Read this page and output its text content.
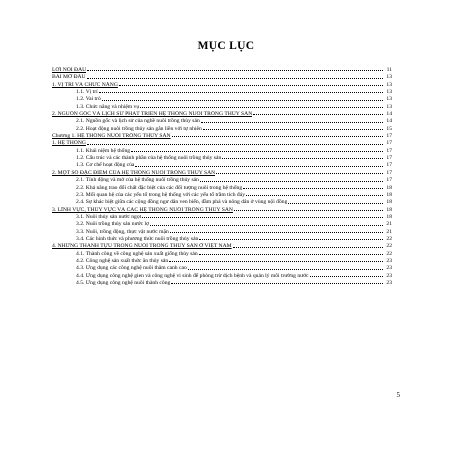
MỤC LỤC
LỜI NÓI ĐẦU	11
BÀI MỞ ĐẦU	13
1. VỊ TRÍ VÀ CHỨC NĂNG	13
1.1. Vị trí	13
1.2. Vai trò	13
1.3. Chức năng và nhiệm vụ	13
2. NGUỒN GỐC VÀ LỊCH SỬ PHÁT TRIỂN HỆ THỐNG NUÔI TRỒNG THỦY SẢN	14
2.1. Nguồn gốc và lịch sử của nghề nuôi trồng thủy sản	14
2.2. Hoạt động nuôi trồng thủy sản gắn liền với tự nhiên	15
Chương 1. HỆ THỐNG NUÔI TRỒNG THỦY SẢN	17
1. HỆ THỐNG	17
1.1. Khái niệm hệ thống	17
1.2. Cấu trúc và các thành phần của hệ thống nuôi trồng thủy sản	17
1.3. Cơ chế hoạt động của	17
2. MỘT SỐ ĐẶC ĐIỂM CỦA HỆ THỐNG NUÔI TRỒNG THỦY SẢN	17
2.1. Tính động và mở của hệ thống nuôi trồng thủy sản	17
2.2. Khả năng trao đổi chất đặc biệt của các đối tượng nuôi trong hệ thống	18
2.3. Mối quan hệ của các yếu tố trong hệ thống với các yếu tố trầm tích đáy	18
2.4. Sự khác biệt giữa các cộng đồng ngư dân ven biển, đầm phá và nông dân ở vùng nội đồng	18
3. LĨNH VỰC, THỦY VỰC VÀ CÁC HỆ THỐNG NUÔI TRỒNG THỦY SẢN	18
3.1. Nuôi thủy sản nước ngọt	18
3.2. Nuôi trồng thủy sản nước lợ	21
3.3. Nuôi, trồng động, thực vật nước mặn	21
3.4. Các hình thức và phương thức nuôi trồng thủy sản	22
4. NHỮNG THÀNH TỰU TRONG NUÔI TRỒNG THỦY SẢN Ở VIỆT NAM	22
4.1. Thành công về công nghệ sản xuất giống thủy sản	22
4.2. Công nghệ sản xuất thức ăn thủy sản	23
4.3. Ứng dụng các công nghệ nuôi thâm canh cao	23
4.4. Ứng dụng công nghệ gien và công nghệ vi sinh để phòng trừ dịch bệnh và quản lý môi trường nước	23
4.5. Ứng dụng công nghệ nuôi thành công	23
5
